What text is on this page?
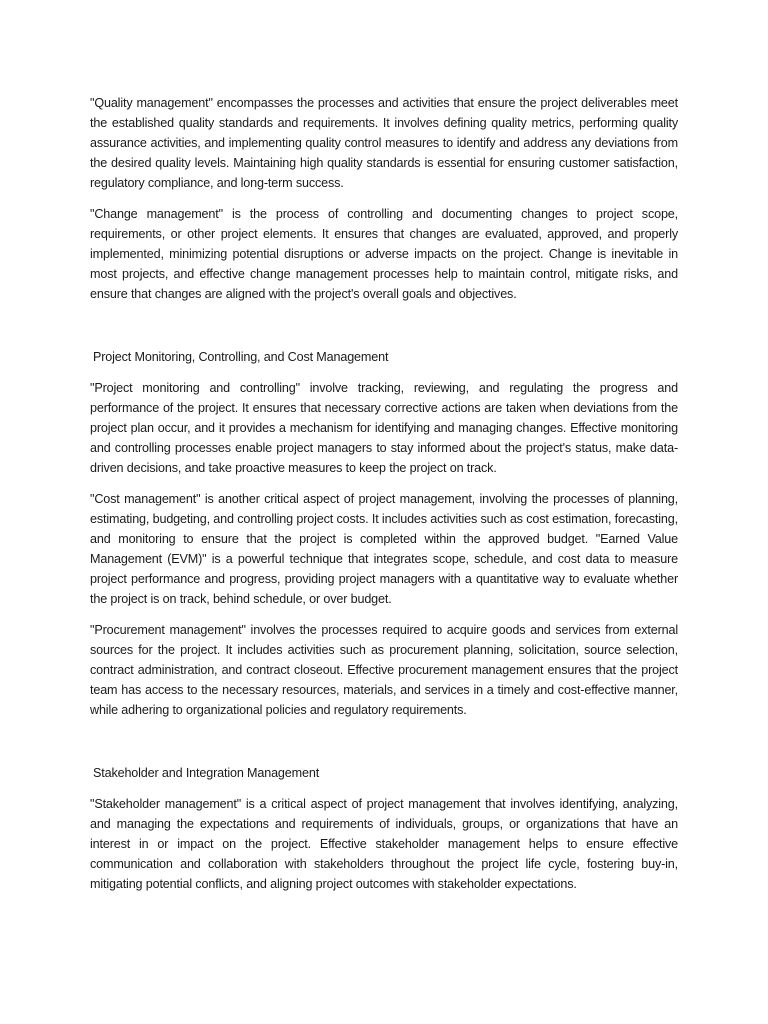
"Quality management" encompasses the processes and activities that ensure the project deliverables meet the established quality standards and requirements. It involves defining quality metrics, performing quality assurance activities, and implementing quality control measures to identify and address any deviations from the desired quality levels. Maintaining high quality standards is essential for ensuring customer satisfaction, regulatory compliance, and long-term success.

"Change management" is the process of controlling and documenting changes to project scope, requirements, or other project elements. It ensures that changes are evaluated, approved, and properly implemented, minimizing potential disruptions or adverse impacts on the project. Change is inevitable in most projects, and effective change management processes help to maintain control, mitigate risks, and ensure that changes are aligned with the project's overall goals and objectives.

Project Monitoring, Controlling, and Cost Management

"Project monitoring and controlling" involve tracking, reviewing, and regulating the progress and performance of the project. It ensures that necessary corrective actions are taken when deviations from the project plan occur, and it provides a mechanism for identifying and managing changes. Effective monitoring and controlling processes enable project managers to stay informed about the project's status, make data-driven decisions, and take proactive measures to keep the project on track.

"Cost management" is another critical aspect of project management, involving the processes of planning, estimating, budgeting, and controlling project costs. It includes activities such as cost estimation, forecasting, and monitoring to ensure that the project is completed within the approved budget. "Earned Value Management (EVM)" is a powerful technique that integrates scope, schedule, and cost data to measure project performance and progress, providing project managers with a quantitative way to evaluate whether the project is on track, behind schedule, or over budget.

"Procurement management" involves the processes required to acquire goods and services from external sources for the project. It includes activities such as procurement planning, solicitation, source selection, contract administration, and contract closeout. Effective procurement management ensures that the project team has access to the necessary resources, materials, and services in a timely and cost-effective manner, while adhering to organizational policies and regulatory requirements.

Stakeholder and Integration Management

"Stakeholder management" is a critical aspect of project management that involves identifying, analyzing, and managing the expectations and requirements of individuals, groups, or organizations that have an interest in or impact on the project. Effective stakeholder management helps to ensure effective communication and collaboration with stakeholders throughout the project life cycle, fostering buy-in, mitigating potential conflicts, and aligning project outcomes with stakeholder expectations.
